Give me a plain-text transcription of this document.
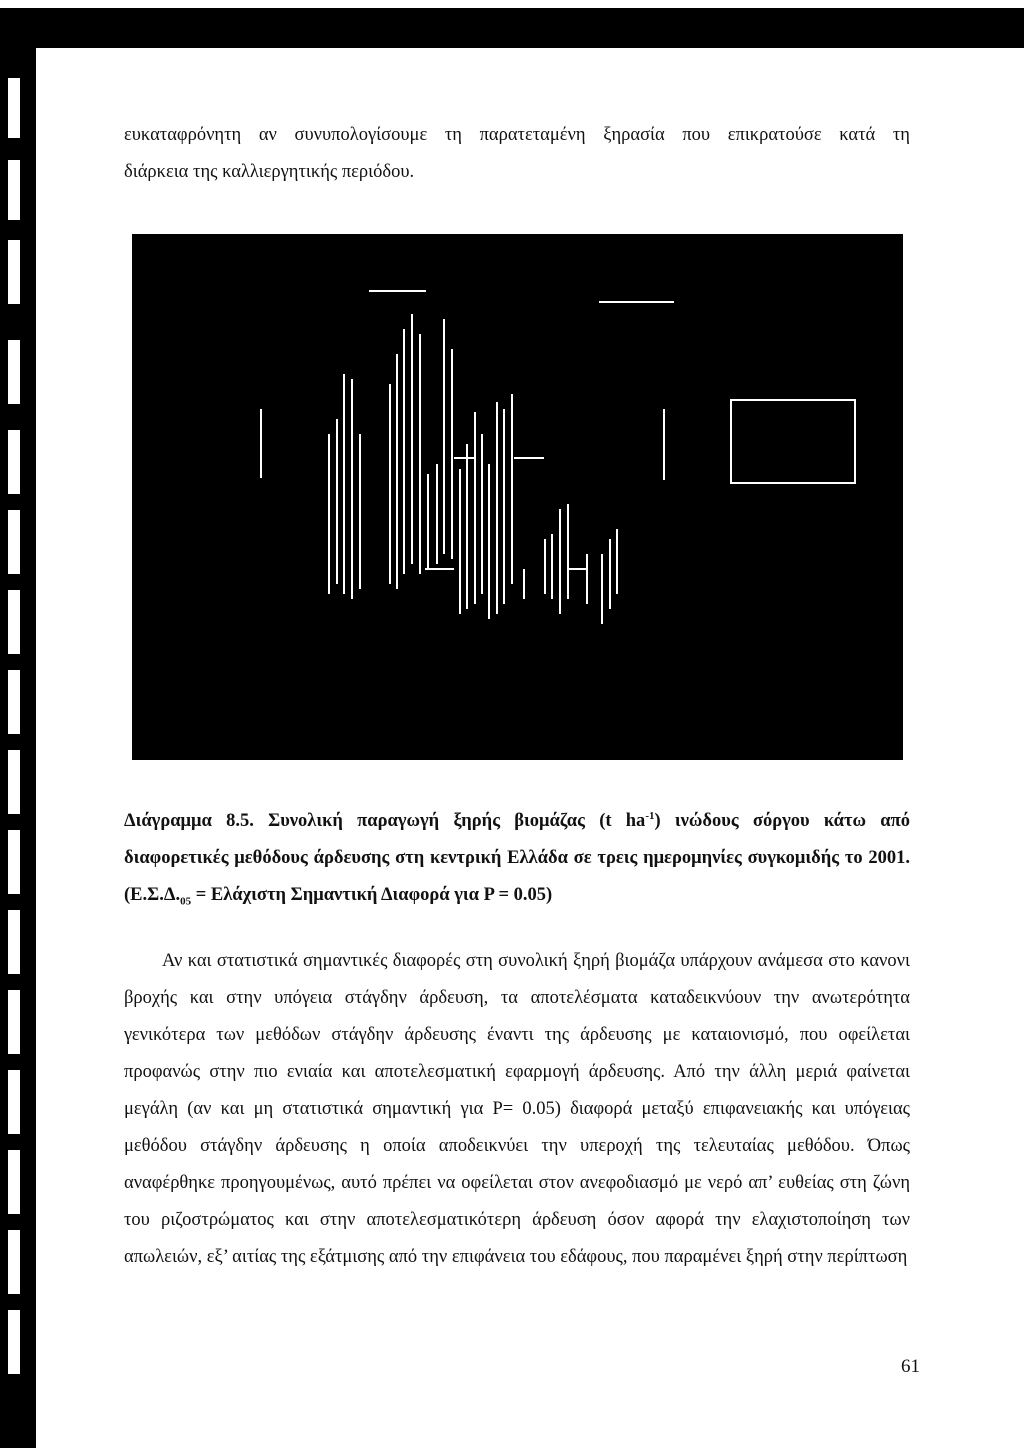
ευκαταφρόνητη αν συνυπολογίσουμε τη παρατεταμένη ξηρασία που επικρατούσε κατά τη

διάρκεια της καλλιεργητικής περιόδου.

Διάγραμμα 8.5. Συνολική παραγωγή ξηρής βιομάζας (t $ha^{-1}$) ινώδους σόργου κάτω από διαφορετικές μεθόδους άρδευσης στη κεντρική Ελλάδα σε τρεις ημερομηνίες συγκομιδής το 2001. ($E.\Sigma.\Delta._{05} = E\lambda ά\chi\iota\sigma\tau\eta$ Σημαντική Διαφορά για P = 0.05)

Αν και στατιστικά σημαντικές διαφορές στη συνολική ξηρή βιομάζα υπάρχουν ανάμεσα στο κανονι βροχής και στην υπόγεια στάγδην άρδευση, τα αποτελέσματα καταδεικνύουν την ανωτερότητα γενικότερα των μεθόδων στάγδην άρδευσης έναντι της άρδευσης με καταιονισμό, που οφείλεται προφανώς στην πιο ενιαία και αποτελεσματική εφαρμογή άρδευσης. Από την άλλη μεριά φαίνεται μεγάλη (αν και μη στατιστικά σημαντική για P= 0.05) διαφορά μεταξύ επιφανειακής και υπόγειας μεθόδου στάγδην άρδευσης η οποία αποδεικνύει την υπεροχή της τελευταίας μεθόδου. Όπως αναφέρθηκε προηγουμένως, αυτό πρέπει να οφείλεται στον ανεφοδιασμό με νερό απ’ ευθείας στη ζώνη του ριζοστρώματος και στην αποτελεσματικότερη άρδευση όσον αφορά την ελαχιστοποίηση των απωλειών, εξ’ αιτίας της εξάτμισης από την επιφάνεια του εδάφους, που παραμένει ξηρή στην περίπτωση

61
